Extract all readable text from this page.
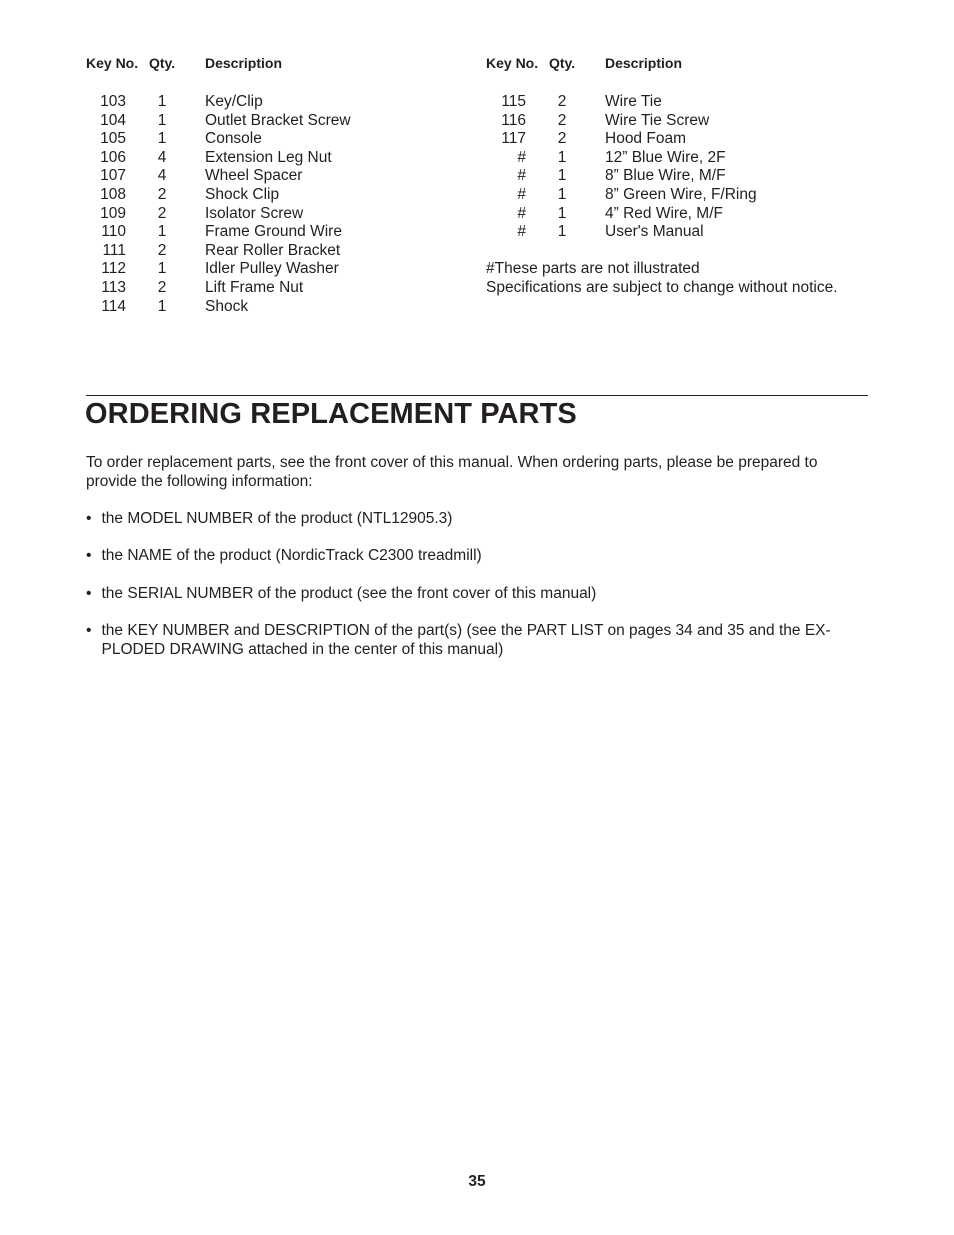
Key No. Qty. Description
103 1 Key/Clip
104 1 Outlet Bracket Screw
105 1 Console
106 4 Extension Leg Nut
107 4 Wheel Spacer
108 2 Shock Clip
109 2 Isolator Screw
110 1 Frame Ground Wire
111 2 Rear Roller Bracket
112 1 Idler Pulley Washer
113 2 Lift Frame Nut
114 1 Shock
Key No. Qty. Description
115 2 Wire Tie
116 2 Wire Tie Screw
117 2 Hood Foam
# 1 12” Blue Wire, 2F
# 1 8” Blue Wire, M/F
# 1 8” Green Wire, F/Ring
# 1 4” Red Wire, M/F
# 1 User's Manual
#These parts are not illustrated
Specifications are subject to change without notice.
ORDERING REPLACEMENT PARTS

To order replacement parts, see the front cover of this manual. When ordering parts, please be prepared to provide the following information:

• the MODEL NUMBER of the product (NTL12905.3)
• the NAME of the product (NordicTrack C2300 treadmill)
• the SERIAL NUMBER of the product (see the front cover of this manual)
• the KEY NUMBER and DESCRIPTION of the part(s) (see the PART LIST on pages 34 and 35 and the EX-PLODED DRAWING attached in the center of this manual)
35
